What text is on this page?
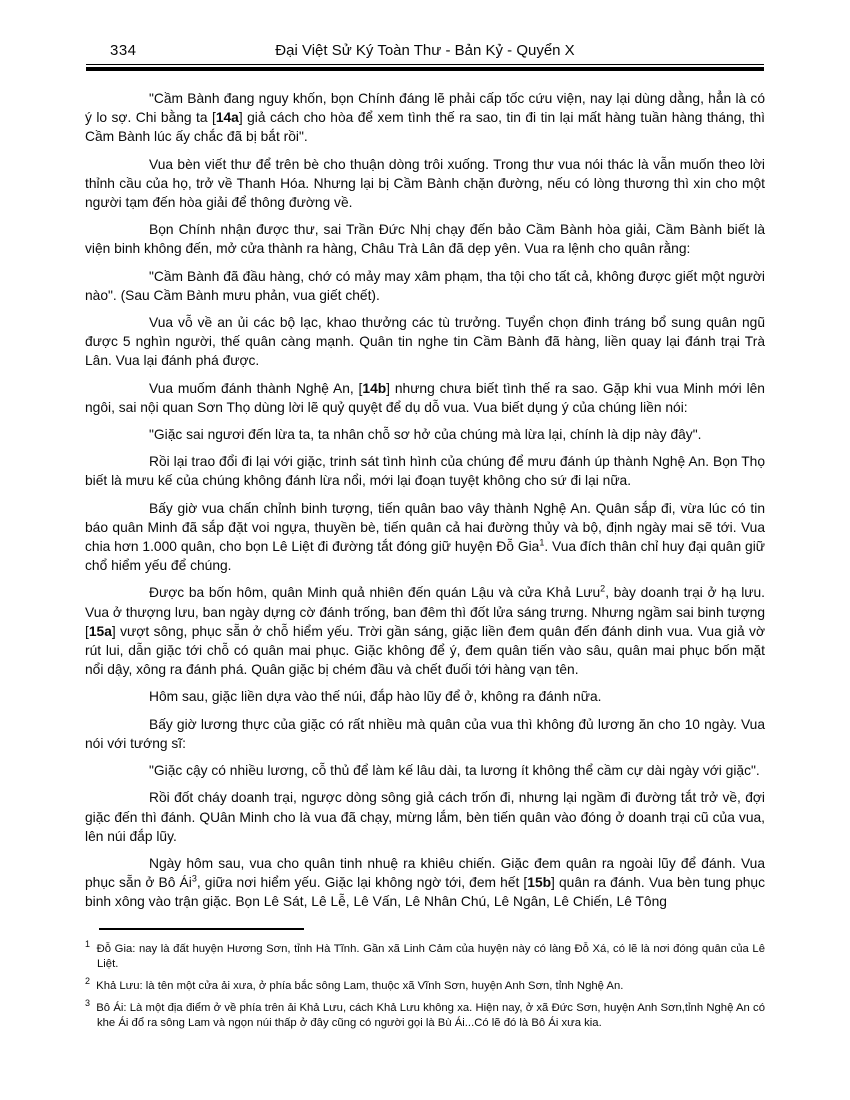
334	Đại Việt Sử Ký Toàn Thư - Bản Kỷ - Quyển X

"Cầm Bành đang nguy khốn, bọn Chính đáng lẽ phải cấp tốc cứu viện, nay lại dùng dằng, hẳn là có ý lo sợ. Chi bằng ta [14a] giả cách cho hòa để xem tình thế ra sao, tin đi tin lại mất hàng tuần hàng tháng, thì Cầm Bành lúc ấy chắc đã bị bắt rồi".

Vua bèn viết thư để trên bè cho thuận dòng trôi xuống. Trong thư vua nói thác là vẫn muốn theo lời thỉnh cầu của họ, trở về Thanh Hóa. Nhưng lại bị Cầm Bành chặn đường, nếu có lòng thương thì xin cho một người tạm đến hòa giải để thông đường về.

Bọn Chính nhận được thư, sai Trần Đức Nhị chạy đến bảo Cầm Bành hòa giải, Cầm Bành biết là viện binh không đến, mở cửa thành ra hàng, Châu Trà Lân đã dẹp yên. Vua ra lệnh cho quân rằng:

"Cầm Bành đã đầu hàng, chớ có mảy may xâm phạm, tha tội cho tất cả, không được giết một người nào". (Sau Cầm Bành mưu phản, vua giết chết).

Vua vỗ về an ủi các bộ lạc, khao thưởng các tù trưởng. Tuyển chọn đinh tráng bổ sung quân ngũ được 5 nghìn người, thế quân càng mạnh. Quân tin nghe tin Cầm Bành đã hàng, liền quay lại đánh trại Trà Lân. Vua lại đánh phá được.

Vua muốm đánh thành Nghệ An, [14b] nhưng chưa biết tình thế ra sao. Gặp khi vua Minh mới lên ngôi, sai nội quan Sơn Thọ dùng lời lẽ quỷ quyệt để dụ dỗ vua. Vua biết dụng ý của chúng liền nói:

"Giặc sai ngươi đến lừa ta, ta nhân chỗ sơ hở của chúng mà lừa lại, chính là dịp này đây".

Rồi lại trao đổi đi lại với giặc, trinh sát tình hình của chúng để mưu đánh úp thành Nghệ An. Bọn Thọ biết là mưu kế của chúng không đánh lừa nổi, mới lại đoạn tuyệt không cho sứ đi lại nữa.

Bấy giờ vua chấn chỉnh binh tượng, tiến quân bao vây thành Nghệ An. Quân sắp đi, vừa lúc có tin báo quân Minh đã sắp đặt voi ngựa, thuyền bè, tiến quân cả hai đường thủy và bộ, định ngày mai sẽ tới. Vua chia hơn 1.000 quân, cho bọn Lê Liệt đi đường tắt đóng giữ huyện Đỗ Gia$^1$. Vua đích thân chỉ huy đại quân giữ chổ hiểm yếu để chúng.

Được ba bốn hôm, quân Minh quả nhiên đến quán Lậu và cửa Khả Lưu$^2$, bày doanh trại ở hạ lưu. Vua ở thượng lưu, ban ngày dựng cờ đánh trống, ban đêm thì đốt lửa sáng trưng. Nhưng ngầm sai binh tượng [15a] vượt sông, phục sẵn ở chỗ hiểm yếu. Trời gần sáng, giặc liền đem quân đến đánh dinh vua. Vua giả vờ rút lui, dẫn giặc tới chỗ có quân mai phục. Giặc không để ý, đem quân tiến vào sâu, quân mai phục bốn mặt nổi dậy, xông ra đánh phá. Quân giặc bị chém đầu và chết đuối tới hàng vạn tên.

Hôm sau, giặc liền dựa vào thế núi, đắp hào lũy để ở, không ra đánh nữa.

Bấy giờ lương thực của giặc có rất nhiều mà quân của vua thì không đủ lương ăn cho 10 ngày. Vua nói với tướng sĩ:

"Giặc cậy có nhiều lương, cỗ thủ để làm kế lâu dài, ta lương ít không thể cầm cự dài ngày với giặc".

Rồi đốt cháy doanh trại, ngược dòng sông giả cách trốn đi, nhưng lại ngầm đi đường tắt trở về, đợi giặc đến thì đánh. QUân Minh cho là vua đã chạy, mừng lắm, bèn tiến quân vào đóng ở doanh trại cũ của vua, lên núi đắp lũy.

Ngày hôm sau, vua cho quân tinh nhuệ ra khiêu chiến. Giặc đem quân ra ngoài lũy để đánh. Vua phục sẵn ở Bô $Ái^3$, giữa nơi hiểm yếu. Giặc lại không ngờ tới, đem hết [15b] quân ra đánh. Vua bèn tung phục binh xông vào trận giặc. Bọn Lê Sát, Lê Lễ, Lê Vấn, Lê Nhân Chú, Lê Ngân, Lê Chiến, Lê Tông

$^1$ Đỗ Gia: nay là đất huyện Hương Sơn, tỉnh Hà Tĩnh. Gần xã Linh Cảm của huyện này có làng Đỗ Xá, có lẽ là nơi đóng quân của Lê Liệt.
$^2$ Khả Lưu: là tên một cửa ải xưa, ở phía bắc sông Lam, thuộc xã Vĩnh Sơn, huyện Anh Sơn, tỉnh Nghệ An.
$^3$ Bô Ái: Là một địa điểm ở về phía trên ải Khả Lưu, cách Khả Lưu không xa. Hiện nay, ở xã Đức Sơn, huyện Anh Sơn,tỉnh Nghệ An có khe Ái đổ ra sông Lam và ngọn núi thấp ở đây cũng có người gọi là Bù Ái...Có lẽ đó là Bô Ái xưa kia.
